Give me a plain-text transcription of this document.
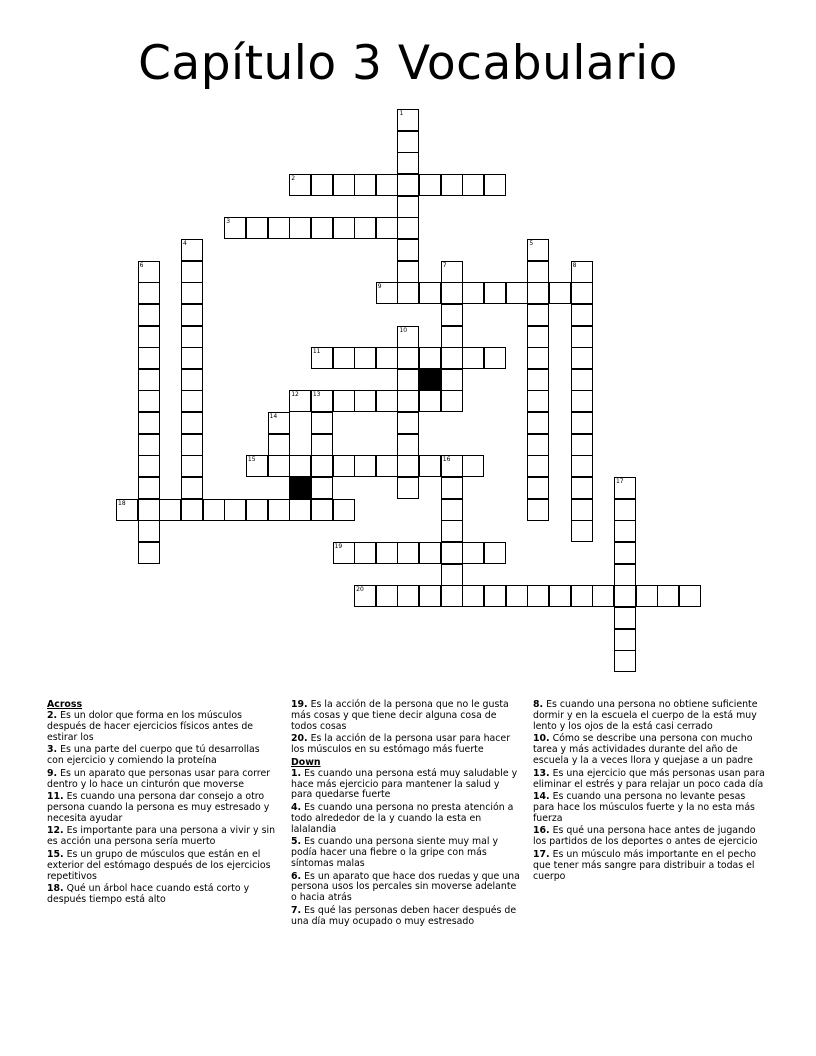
Capítulo 3 Vocabulario
1
2
3
4	5
6	7	8
9
10
11
12 13
14
15	16
17
18
19
20
Across
2. Es un dolor que forma en los músculos después de hacer ejercicios físicos antes de estirar los
3. Es una parte del cuerpo que tú desarrollas con ejercicio y comiendo la proteína
9. Es un aparato que personas usar para correr dentro y lo hace un cinturón que moverse
11. Es cuando una persona dar consejo a otro persona cuando la persona es muy estresado y necesita ayudar
12. Es importante para una persona a vivir y sin es acción una persona sería muerto
15. Es un grupo de músculos que están en el exterior del estómago después de los ejercicios repetitivos
18. Qué un árbol hace cuando está corto y después tiempo está alto
19. Es la acción de la persona que no le gusta más cosas y que tiene decir alguna cosa de todos cosas
20. Es la acción de la persona usar para hacer los músculos en su estómago más fuerte
Down
1. Es cuando una persona está muy saludable y hace más ejercicio para mantener la salud y para quedarse fuerte
4. Es cuando una persona no presta atención a todo alrededor de la y cuando la esta en lalalandia
5. Es cuando una persona siente muy mal y podía hacer una fiebre o la gripe con más síntomas malas
6. Es un aparato que hace dos ruedas y que una persona usos los percales sin moverse adelante o hacia atrás
7. Es qué las personas deben hacer después de una día muy ocupado o muy estresado
8. Es cuando una persona no obtiene suficiente dormir y en la escuela el cuerpo de la está muy lento y los ojos de la está casi cerrado
10. Cómo se describe una persona con mucho tarea y más actividades durante del año de escuela y la a veces llora y quejase a un padre
13. Es una ejercicio que más personas usan para eliminar el estrés y para relajar un poco cada día
14. Es cuando una persona no levante pesas para hace los músculos fuerte y la no esta más fuerza
16. Es qué una persona hace antes de jugando los partidos de los deportes o antes de ejercicio
17. Es un músculo más importante en el pecho que tener más sangre para distribuir a todas el cuerpo
